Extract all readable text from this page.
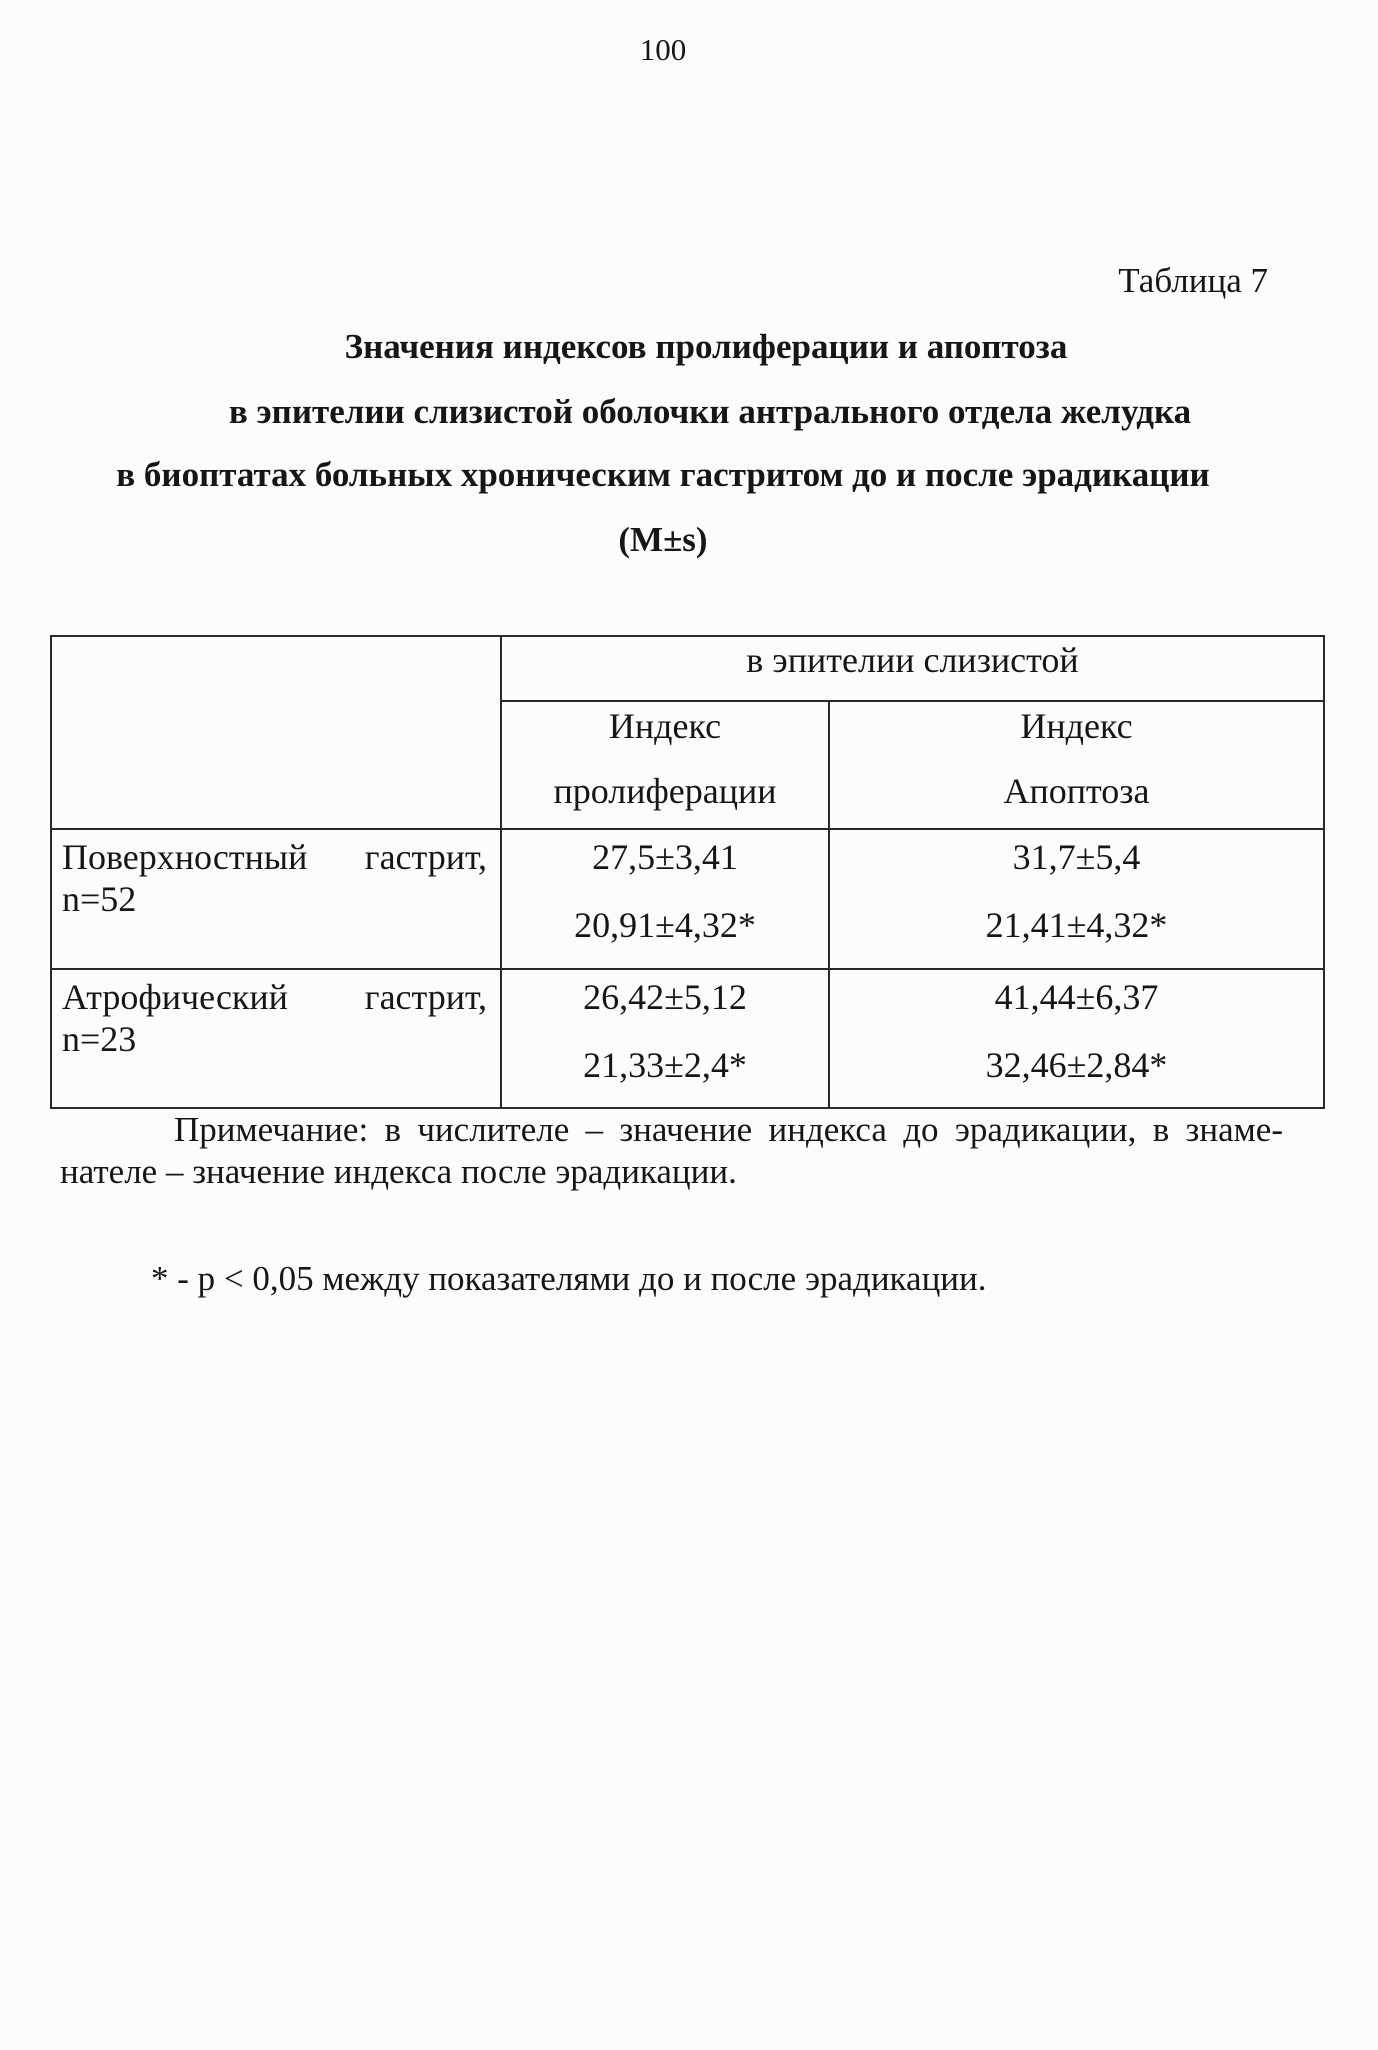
100
Таблица 7
Значения индексов пролиферации и апоптоза
в эпителии слизистой оболочки антрального отдела желудка
в биоптатах больных хроническим гастритом до и после эрадикации
(M±s)
в эпителии слизистой
Индекс
пролиферации
Индекс
Апоптоза
Поверхностный гастрит,
n=52
27,5±3,41
20,91±4,32*
31,7±5,4
21,41±4,32*
Атрофический гастрит,
n=23
26,42±5,12
21,33±2,4*
41,44±6,37
32,46±2,84*
Примечание: в числителе – значение индекса до эрадикации, в знаме-
нателе – значение индекса после эрадикации.
* - p < 0,05 между показателями до и после эрадикации.
